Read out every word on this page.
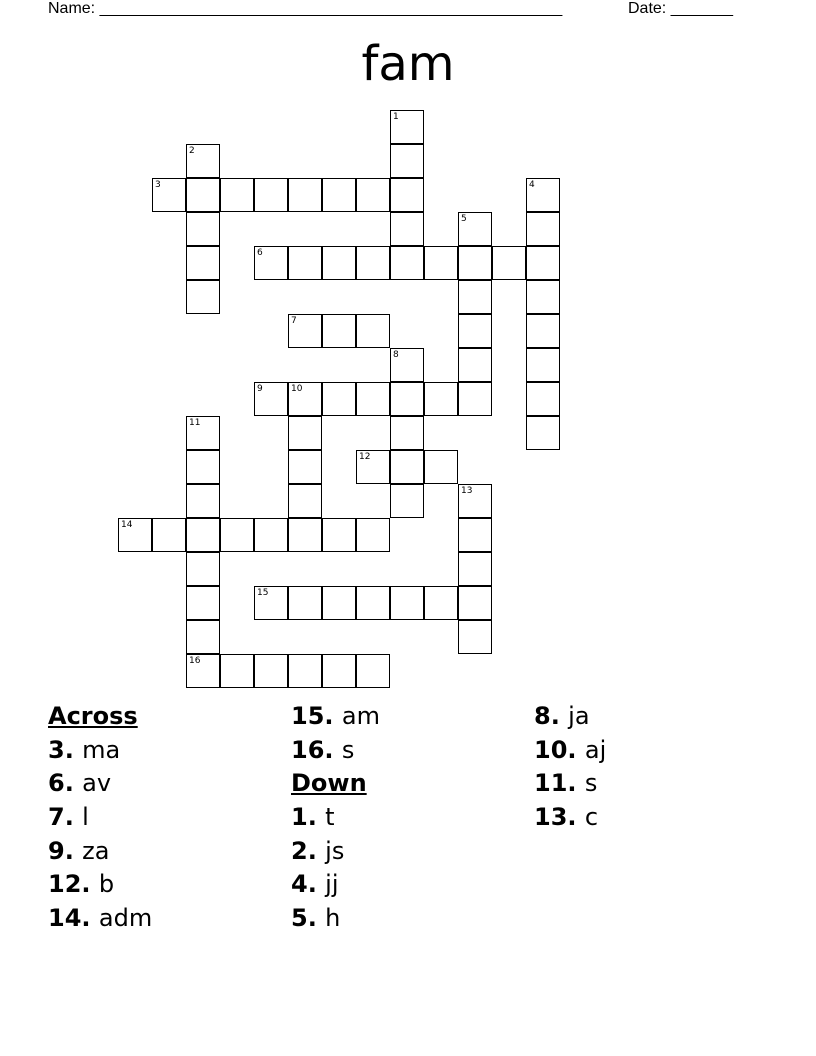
Name: ____________________________________________________	Date: _______
fam
3
6
7
9	10
12
14
15
16
1
2
4
5
8
11
13
Across
3. ma
6. av
7. l
9. za
12. b
14. adm
15. am
16. s
Down
1. t
2. js
4. jj
5. h
8. ja
10. aj
11. s
13. c
